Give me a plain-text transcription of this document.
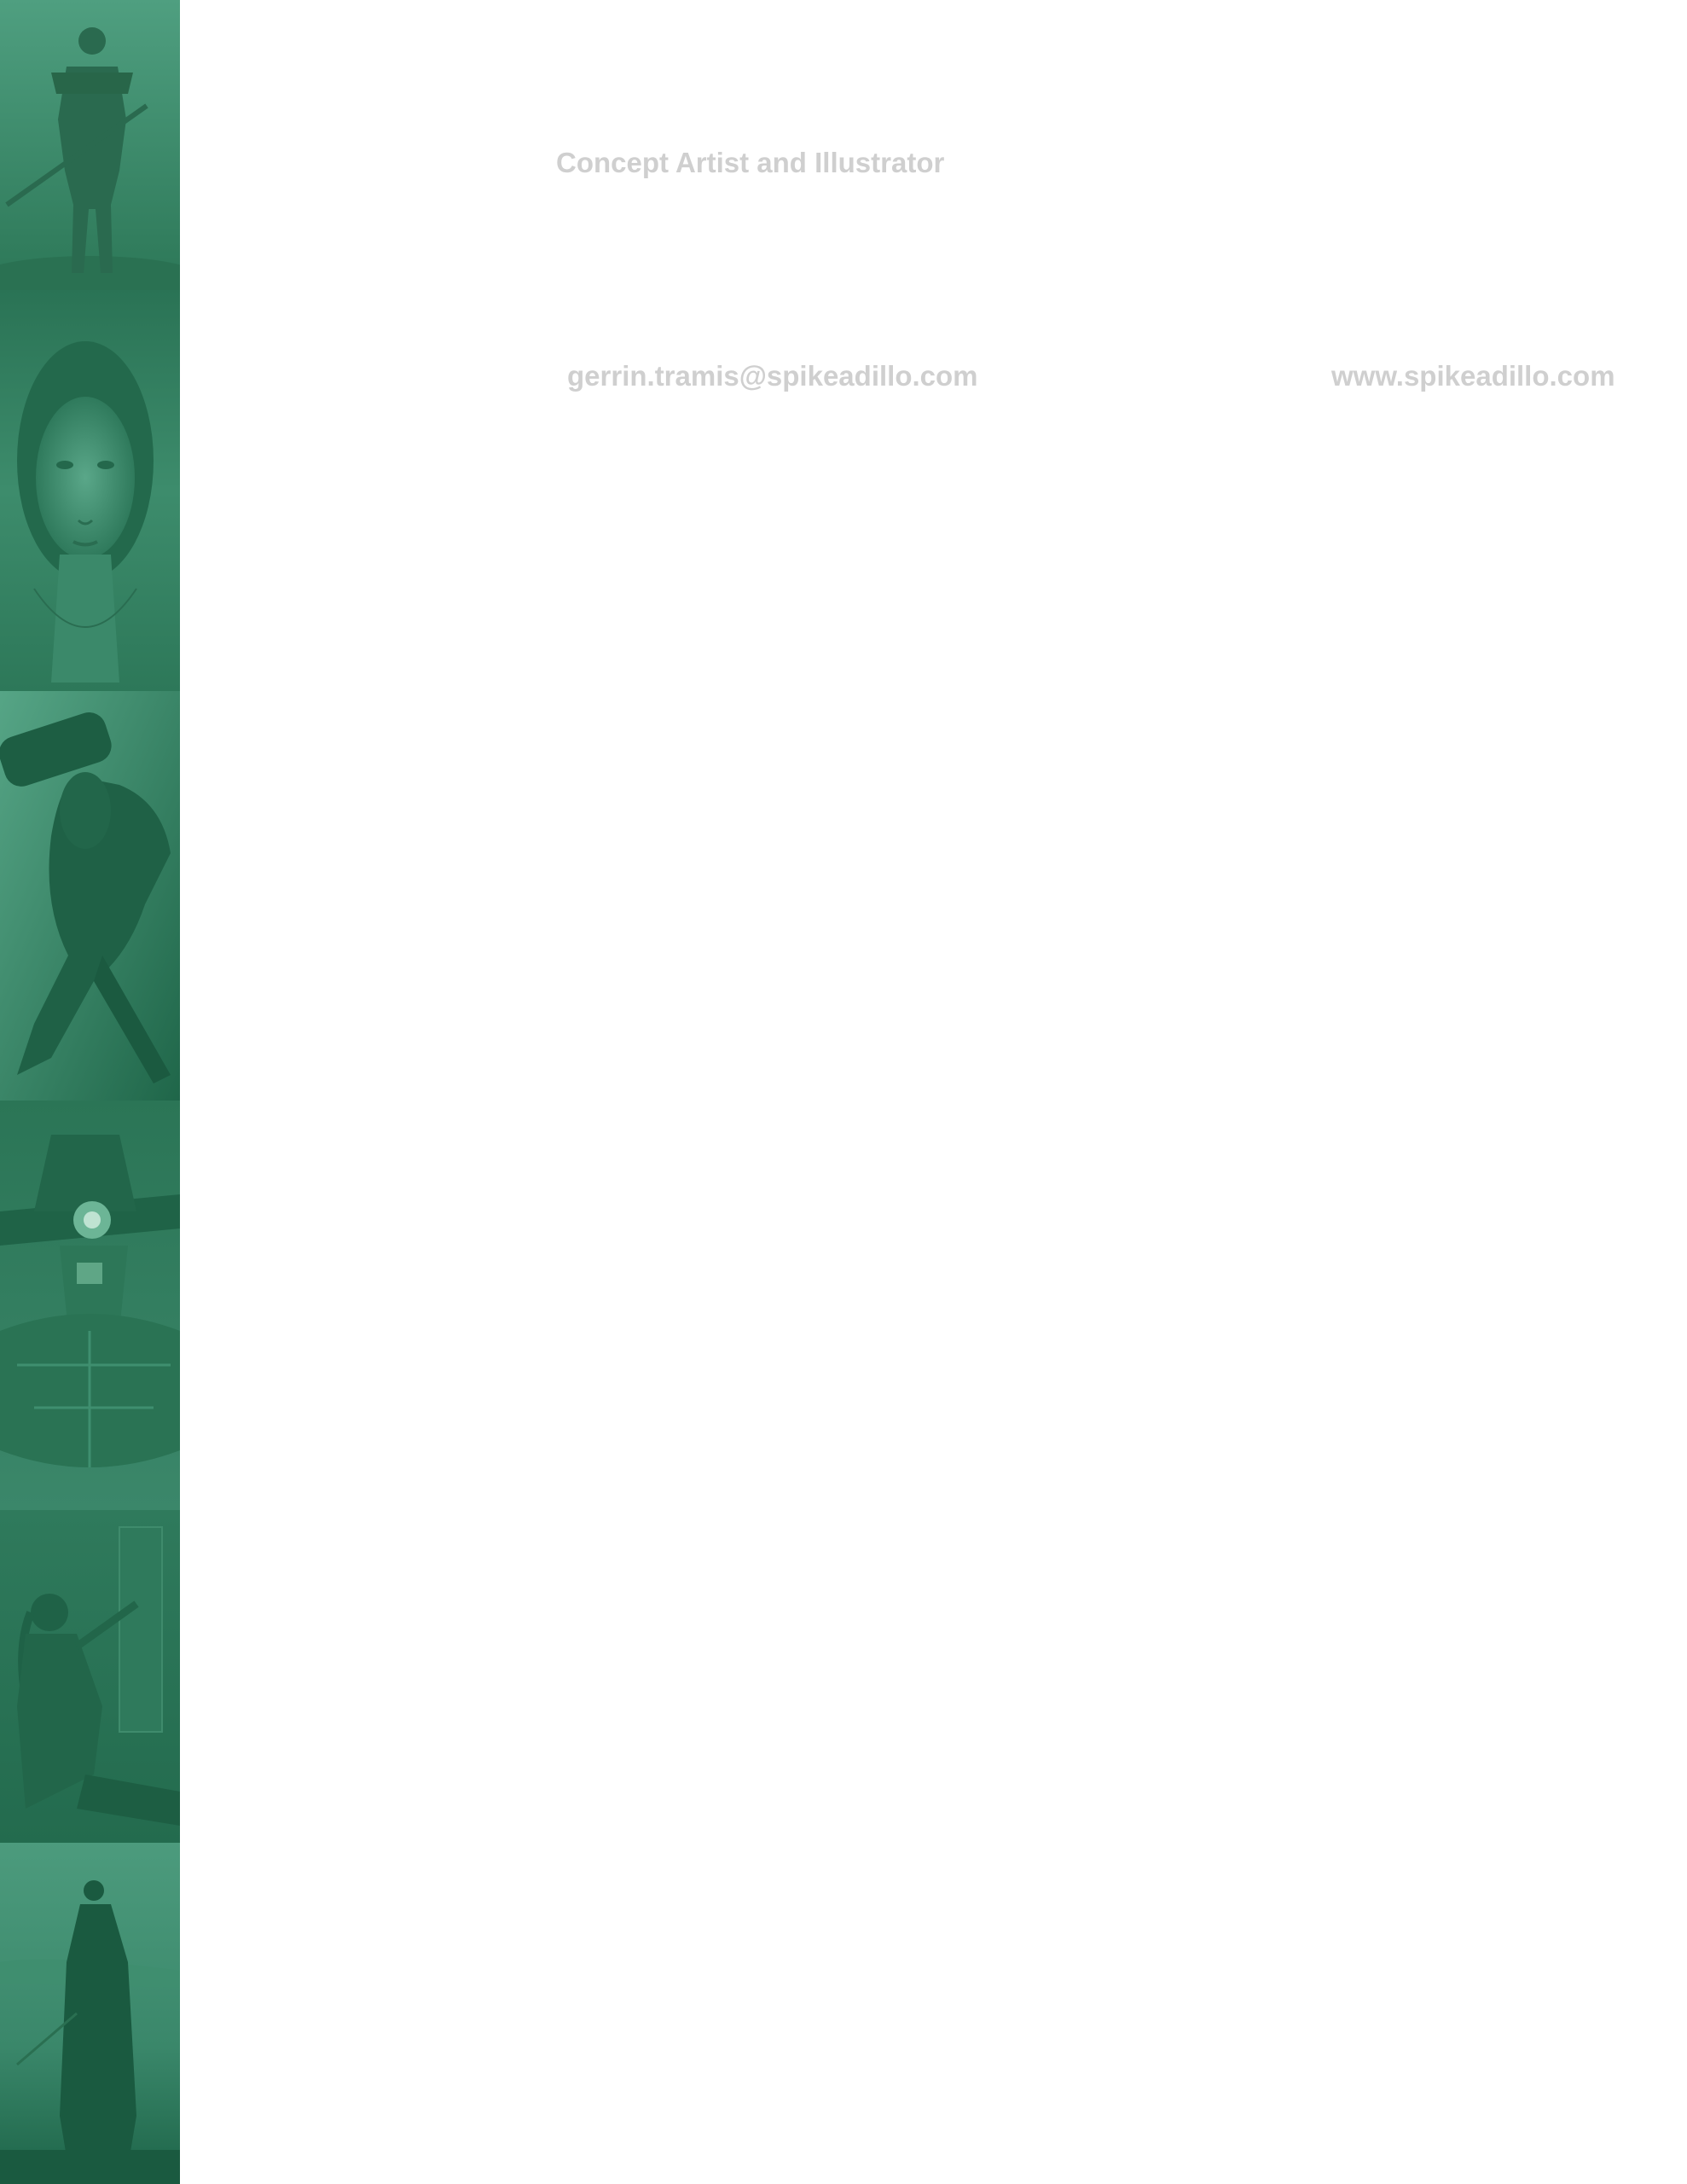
Concept Artist and Illustrator
gerrin.tramis@spikeadillo.com	www.spikeadillo.com
